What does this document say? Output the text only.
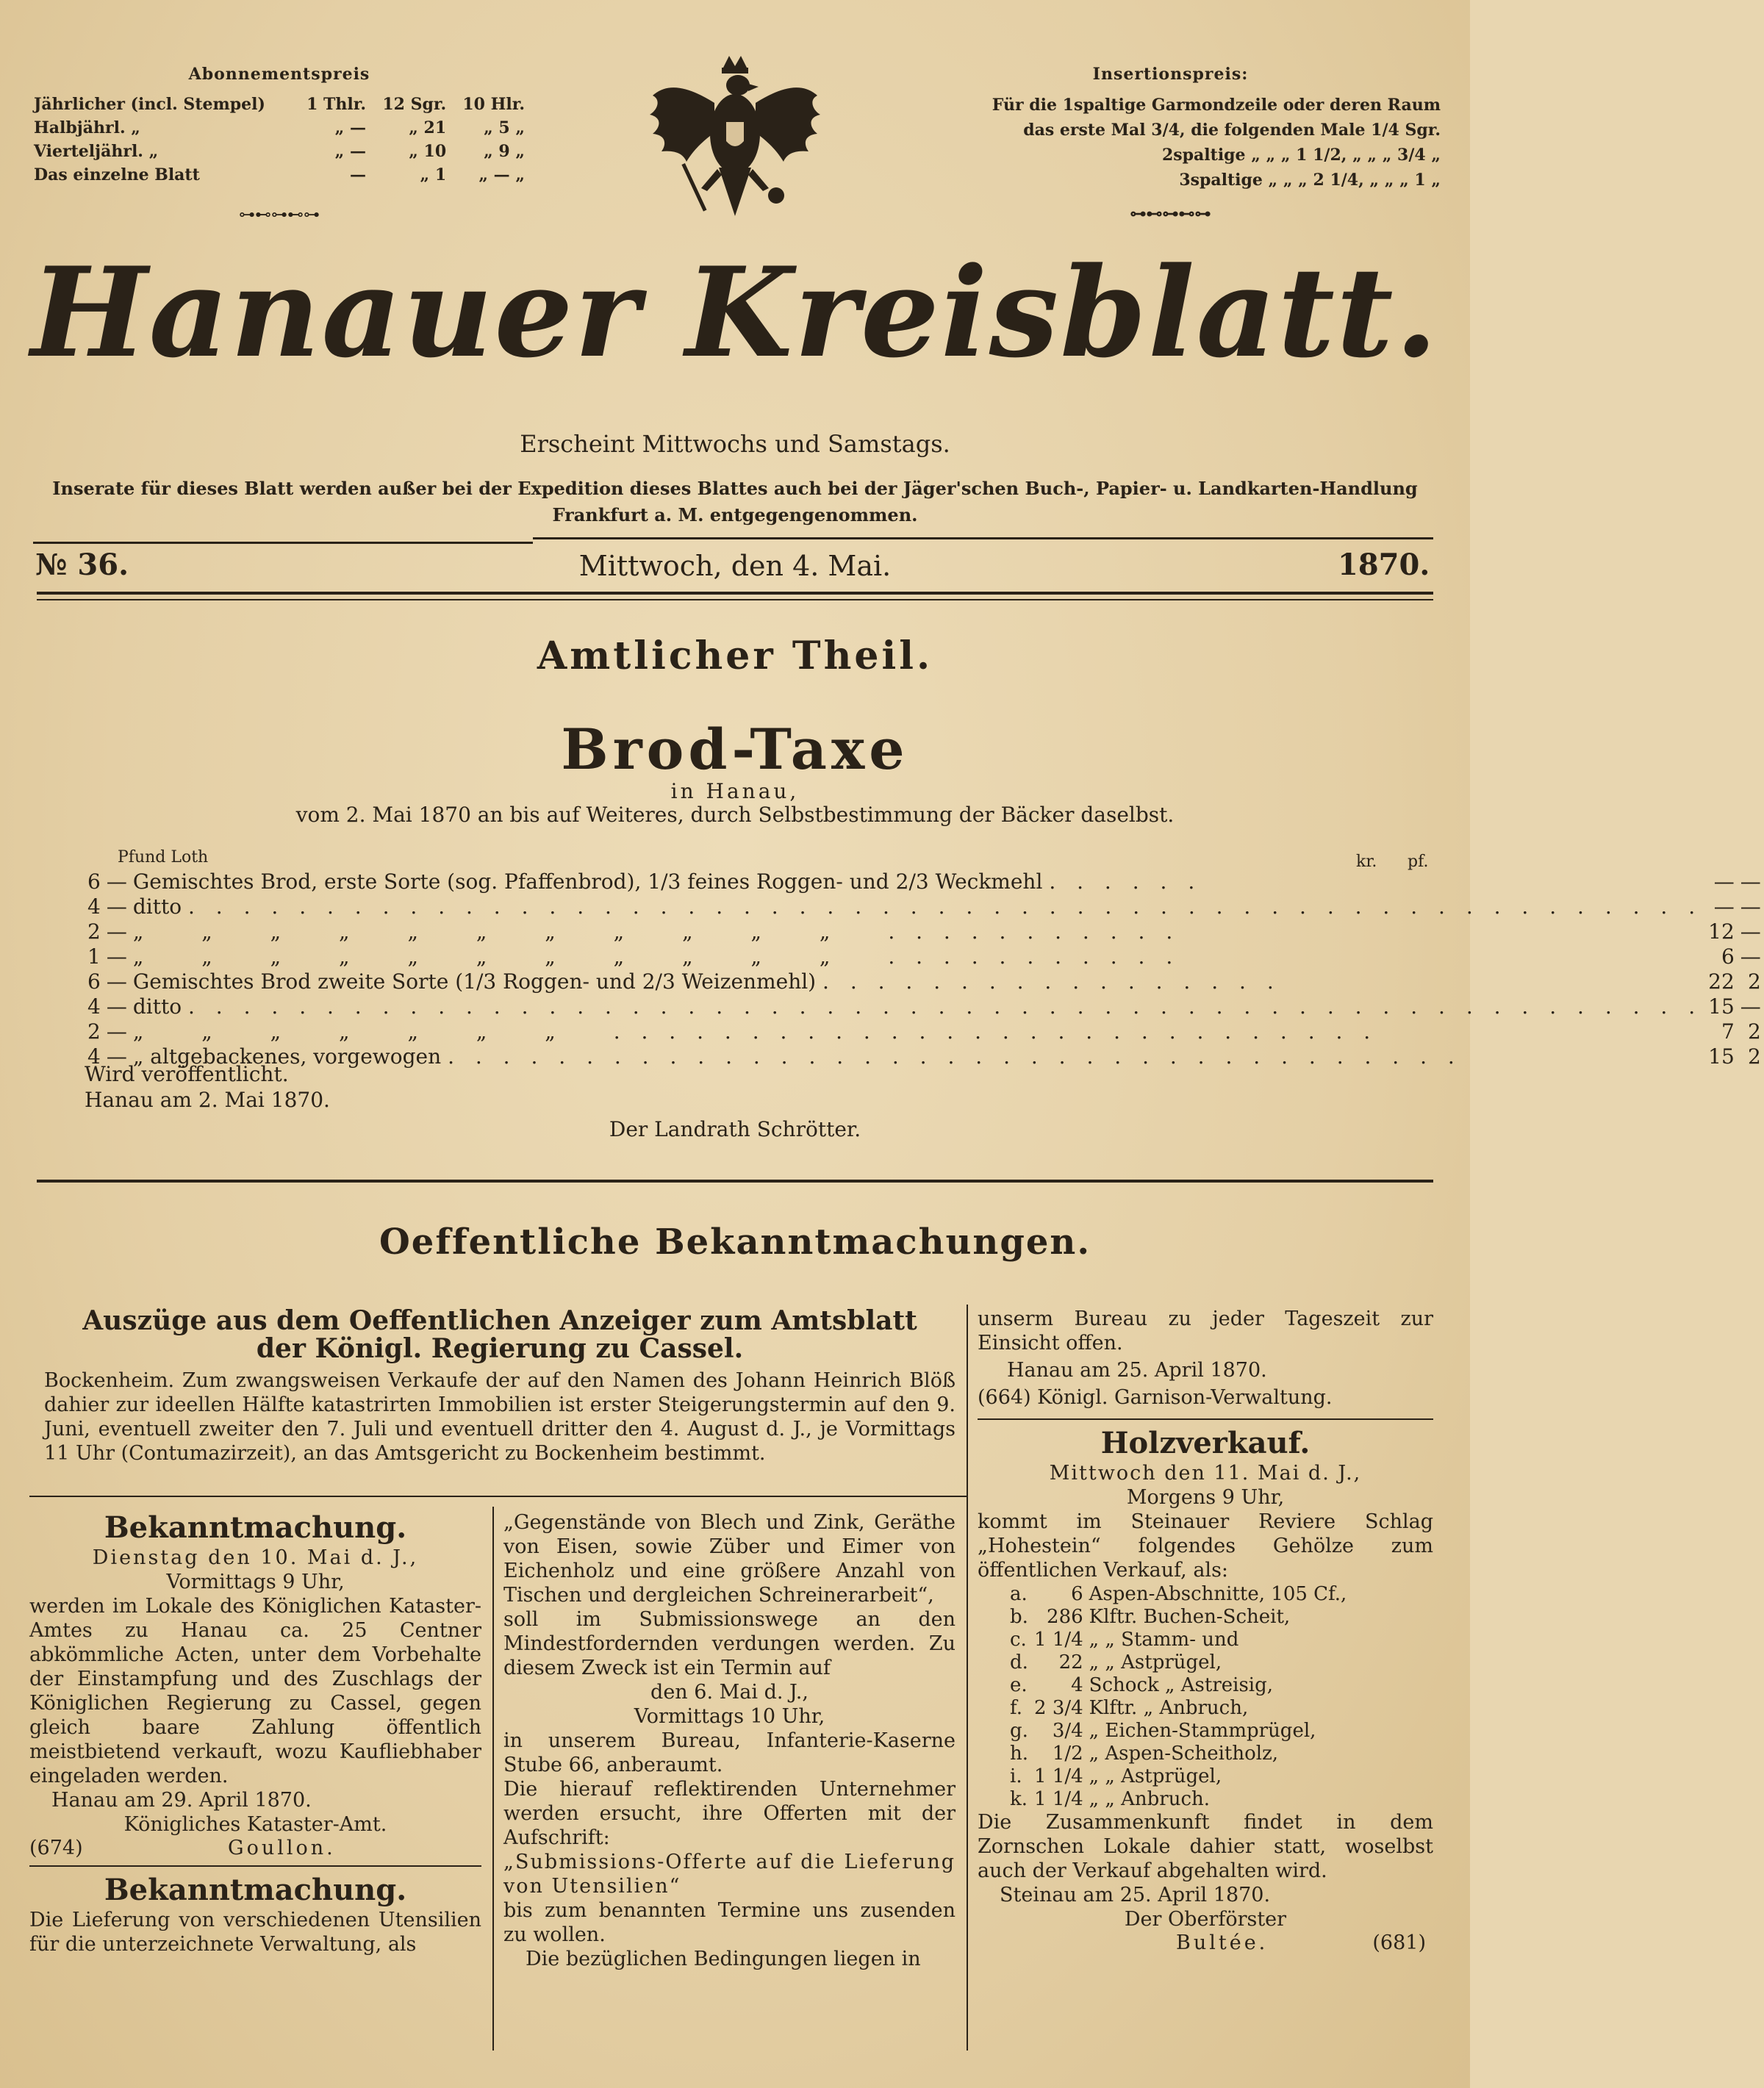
Abonnementspreis
Jährlicher (incl. Stempel)	1 Thlr.	12 Sgr.	10 Hlr.
Halbjährl. „	„ —	„ 21	„ 5 „
Vierteljährl. „	„ —	„ 10	„ 9 „
Das einzelne Blatt	—	„ 1	„ — „
⊶⊷⊶⊷⊶
Insertionspreis:
Für die 1spaltige Garmondzeile oder deren Raum
das erste Mal 3/4, die folgenden Male 1/4 Sgr.
2spaltige „ „ „ 1 1/2, „ „ „ 3/4 „
3spaltige „ „ „ 2 1/4, „ „ „ 1 „
⊶⊷⊶⊷⊶
Hanauer Kreisblatt.
Erscheint Mittwochs und Samstags.
Inserate für dieses Blatt werden außer bei der Expedition dieses Blattes auch bei der Jäger'schen Buch-, Papier- u. Landkarten-Handlung
Frankfurt a. M. entgegengenommen.
№ 36.	Mittwoch, den 4. Mai.	1870.
Amtlicher Theil.
Brod-Taxe
in Hanau,
vom 2. Mai 1870 an bis auf Weiteres, durch Selbstbestimmung der Bäcker daselbst.
Pfund Loth	kr. pf.
6	—	Gemischtes Brod, erste Sorte (sog. Pfaffenbrod), 1/3 feines Roggen- und 2/3 Weckmehl . . . . . .	—	—
4	—	ditto . . . . . . . . . . . . . . . . . . . . . . . . . . . . . . . . . . . . . . . . . . . . . . . . . . . . . . .	—	—
2	—	„ „ „ „ „ „ „ „ „ „ „ . . . . . . . . . . .	12	—
1	—	„ „ „ „ „ „ „ „ „ „ „ . . . . . . . . . . .	6	—
6	—	Gemischtes Brod zweite Sorte (1/3 Roggen- und 2/3 Weizenmehl) . . . . . . . . . . . . . . . . .	22	2
4	—	ditto . . . . . . . . . . . . . . . . . . . . . . . . . . . . . . . . . . . . . . . . . . . . . . . . . . . . . . .	15	—
2	—	„ „ „ „ „ „ „ . . . . . . . . . . . . . . . . . . . . . . . . . . . .	7	2
4	—	„ altgebackenes, vorgewogen . . . . . . . . . . . . . . . . . . . . . . . . . . . . . . . . . . . . .	15	2
Wird veröffentlicht.
Hanau am 2. Mai 1870.
Der Landrath Schrötter.
Oeffentliche Bekanntmachungen.
Auszüge aus dem Oeffentlichen Anzeiger zum Amtsblatt
der Königl. Regierung zu Cassel.
Bockenheim. Zum zwangsweisen Verkaufe der auf den Namen des Johann Heinrich Blöß dahier zur ideellen Hälfte katastrirten Immobilien ist erster Steigerungstermin auf den 9. Juni, eventuell zweiter den 7. Juli und eventuell dritter den 4. August d. J., je Vormittags 11 Uhr (Contumazirzeit), an das Amtsgericht zu Bockenheim bestimmt.
Bekanntmachung.
Dienstag den 10. Mai d. J.,
Vormittags 9 Uhr,
werden im Lokale des Königlichen Kataster-Amtes zu Hanau ca. 25 Centner abkömmliche Acten, unter dem Vorbehalte der Einstampfung und des Zuschlags der Königlichen Regierung zu Cassel, gegen gleich baare Zahlung öffentlich meistbietend verkauft, wozu Kaufliebhaber eingeladen werden.
Hanau am 29. April 1870.
Königliches Kataster-Amt.
(674)	Goullon.
Bekanntmachung.
Die Lieferung von verschiedenen Utensilien für die unterzeichnete Verwaltung, als
„Gegenstände von Blech und Zink, Geräthe von Eisen, sowie Züber und Eimer von Eichenholz und eine größere Anzahl von Tischen und dergleichen Schreinerarbeit“,
soll im Submissionswege an den Mindestfordernden verdungen werden. Zu diesem Zweck ist ein Termin auf
den 6. Mai d. J.,
Vormittags 10 Uhr,
in unserem Bureau, Infanterie-Kaserne Stube 66, anberaumt.
Die hierauf reflektirenden Unternehmer werden ersucht, ihre Offerten mit der Aufschrift:
„Submissions-Offerte auf die Lieferung von Utensilien“
bis zum benannten Termine uns zusenden zu wollen.
Die bezüglichen Bedingungen liegen in
unserm Bureau zu jeder Tageszeit zur Einsicht offen.
Hanau am 25. April 1870.
(664) Königl. Garnison-Verwaltung.
Holzverkauf.
Mittwoch den 11. Mai d. J.,
Morgens 9 Uhr,
kommt im Steinauer Reviere Schlag „Hohestein“ folgendes Gehölze zum öffentlichen Verkauf, als:
a.	6	Aspen-Abschnitte, 105 Cf.,
b.	286	Klftr. Buchen-Scheit,
c.	1 1/4	„ „ Stamm- und
d.	22	„ „ Astprügel,
e.	4	Schock „ Astreisig,
f.	2 3/4	Klftr. „ Anbruch,
g.	3/4	„ Eichen-Stammprügel,
h.	1/2	„ Aspen-Scheitholz,
i.	1 1/4	„ „ Astprügel,
k.	1 1/4	„ „ Anbruch.
Die Zusammenkunft findet in dem Zornschen Lokale dahier statt, woselbst auch der Verkauf abgehalten wird.
Steinau am 25. April 1870.
Der Oberförster
Bultée.	(681)
